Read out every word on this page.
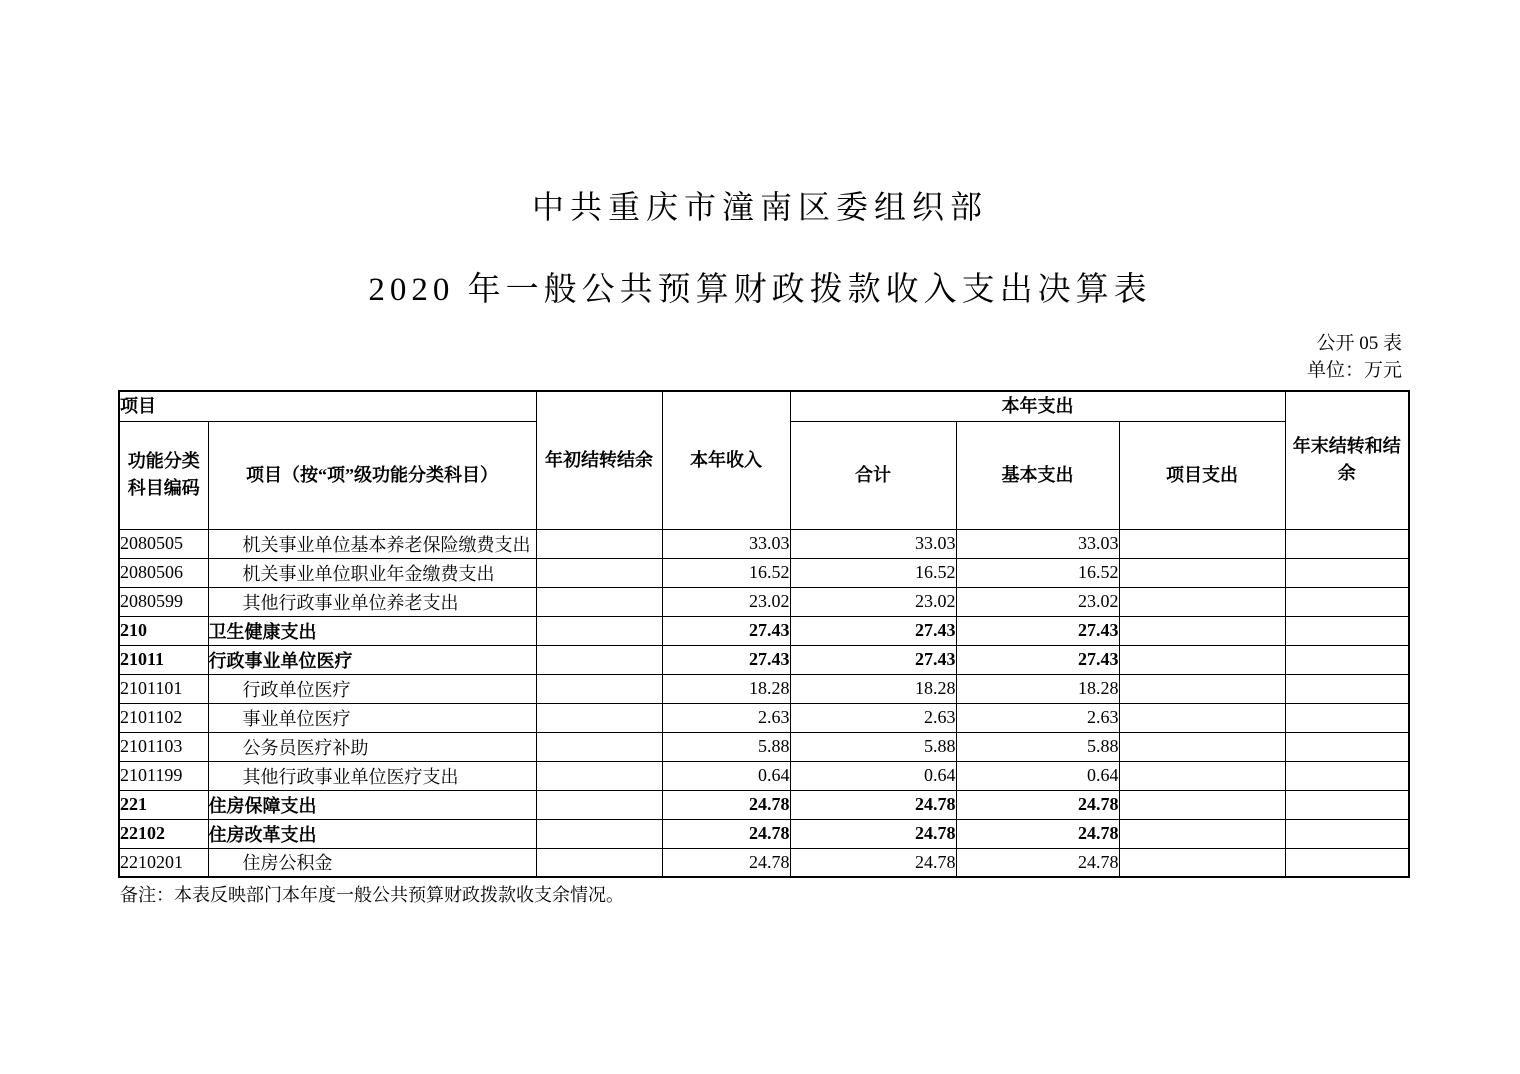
中共重庆市潼南区委组织部
2020 年一般公共预算财政拨款收入支出决算表
公开 05 表
单位：万元
项目		年初结转结余	本年收入	本年支出			年末结转和结余
功能分类科目编码	项目（按“项”级功能分类科目）			合计	基本支出	项目支出	
2080505	机关事业单位基本养老保险缴费支出		33.03	33.03	33.03		
2080506	机关事业单位职业年金缴费支出		16.52	16.52	16.52		
2080599	其他行政事业单位养老支出		23.02	23.02	23.02		
210	卫生健康支出		27.43	27.43	27.43		
21011	行政事业单位医疗		27.43	27.43	27.43		
2101101	行政单位医疗		18.28	18.28	18.28		
2101102	事业单位医疗		2.63	2.63	2.63		
2101103	公务员医疗补助		5.88	5.88	5.88		
2101199	其他行政事业单位医疗支出		0.64	0.64	0.64		
221	住房保障支出		24.78	24.78	24.78		
22102	住房改革支出		24.78	24.78	24.78		
2210201	住房公积金		24.78	24.78	24.78		
备注：本表反映部门本年度一般公共预算财政拨款收支余情况。
